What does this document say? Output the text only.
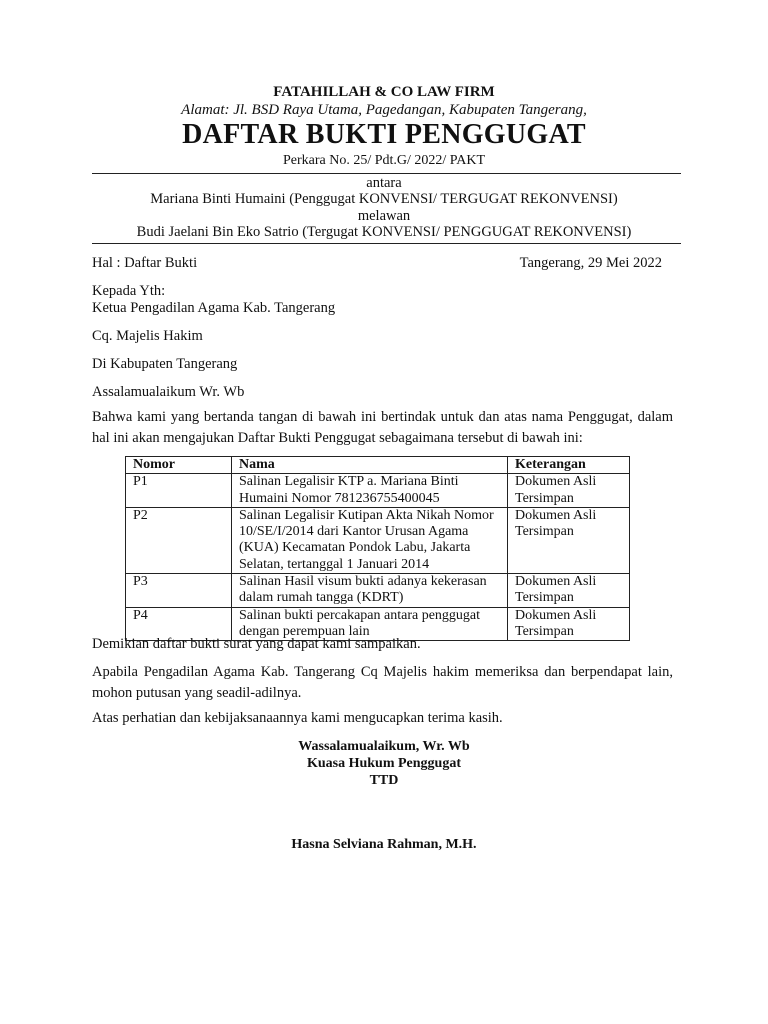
FATAHILLAH & CO LAW FIRM
Alamat: Jl. BSD Raya Utama, Pagedangan, Kabupaten Tangerang,
DAFTAR BUKTI PENGGUGAT
Perkara No. 25/ Pdt.G/ 2022/ PAKT
antara
Mariana Binti Humaini (Penggugat KONVENSI/ TERGUGAT REKONVENSI)
melawan
Budi Jaelani Bin Eko Satrio (Tergugat KONVENSI/ PENGGUGAT REKONVENSI)
Hal : Daftar Bukti	Tangerang, 29 Mei 2022
Kepada Yth:
Ketua Pengadilan Agama Kab. Tangerang
Cq. Majelis Hakim
Di Kabupaten Tangerang
Assalamualaikum Wr. Wb
Bahwa kami yang bertanda tangan di bawah ini bertindak untuk dan atas nama Penggugat, dalam hal ini akan mengajukan Daftar Bukti Penggugat sebagaimana tersebut di bawah ini:
Nomor	Nama	Keterangan
P1	Salinan Legalisir KTP a. Mariana Binti Humaini Nomor 781236755400045	Dokumen Asli Tersimpan
P2	Salinan Legalisir Kutipan Akta Nikah Nomor 10/SE/I/2014 dari Kantor Urusan Agama (KUA) Kecamatan Pondok Labu, Jakarta Selatan, tertanggal 1 Januari 2014	Dokumen Asli Tersimpan
P3	Salinan Hasil visum bukti adanya kekerasan dalam rumah tangga (KDRT)	Dokumen Asli Tersimpan
P4	Salinan bukti percakapan antara penggugat dengan perempuan lain	Dokumen Asli Tersimpan
Demikian daftar bukti surat yang dapat kami sampaikan.
Apabila Pengadilan Agama Kab. Tangerang Cq Majelis hakim memeriksa dan berpendapat lain, mohon putusan yang seadil-adilnya.
Atas perhatian dan kebijaksanaannya kami mengucapkan terima kasih.
Wassalamualaikum, Wr. Wb
Kuasa Hukum Penggugat
TTD
Hasna Selviana Rahman, M.H.
